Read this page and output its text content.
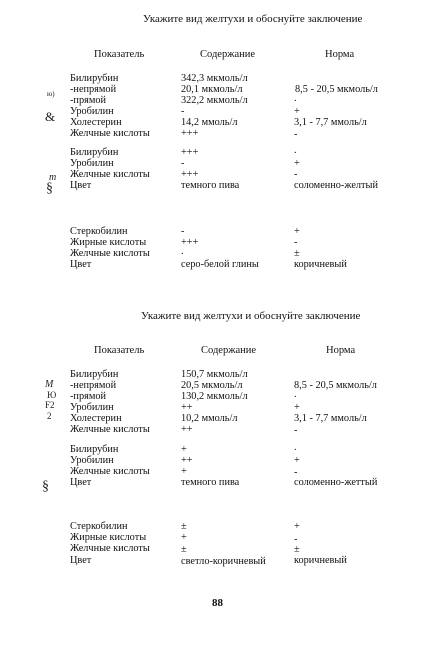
Укажите вид желтухи и обоснуйте заключение
Показатель	Содержание	Норма
Билирубин	342,3 мкмоль/л
-непрямой	20,1 мкмоль/л	8,5 - 20,5 мкмоль/л
-прямой	322,2 мкмоль/л	.
Уробилин	-	+
Холестерин	14,2 ммоль/л	3,1 - 7,7 ммоль/л
Желчные кислоты	+++	-
Билирубин	+++	.
Уробилин	-	+
Желчные кислоты	+++	-
Цвет	темного пива	соломенно-желтый
Стеркобилин	-	+
Жирные кислоты	+++	-
Желчные кислоты	.	±
Цвет	серо-белой глины	коричневый
Укажите вид желтухи и обоснуйте заключение
Показатель	Содержание	Норма
Билирубин	150,7 мкмоль/л
-непрямой	20,5 мкмоль/л	8,5 - 20,5 мкмоль/л
-прямой	130,2 мкмоль/л	.
Уробилин	++	+
Холестерин	10,2 ммоль/л	3,1 - 7,7 ммоль/л
Желчные кислоты	++	-
Билирубин	+	.
Уробилин	++	+
Желчные кислоты	+	-
Цвет	темного пива	соломенно-жеттый
Стеркобилин	±	+
Жирные кислоты	+	-
Желчные кислоты	±	±
Цвет	светло-коричневый	коричневый
ю)
&
m
§
M
Ю
F2
2
§
88
